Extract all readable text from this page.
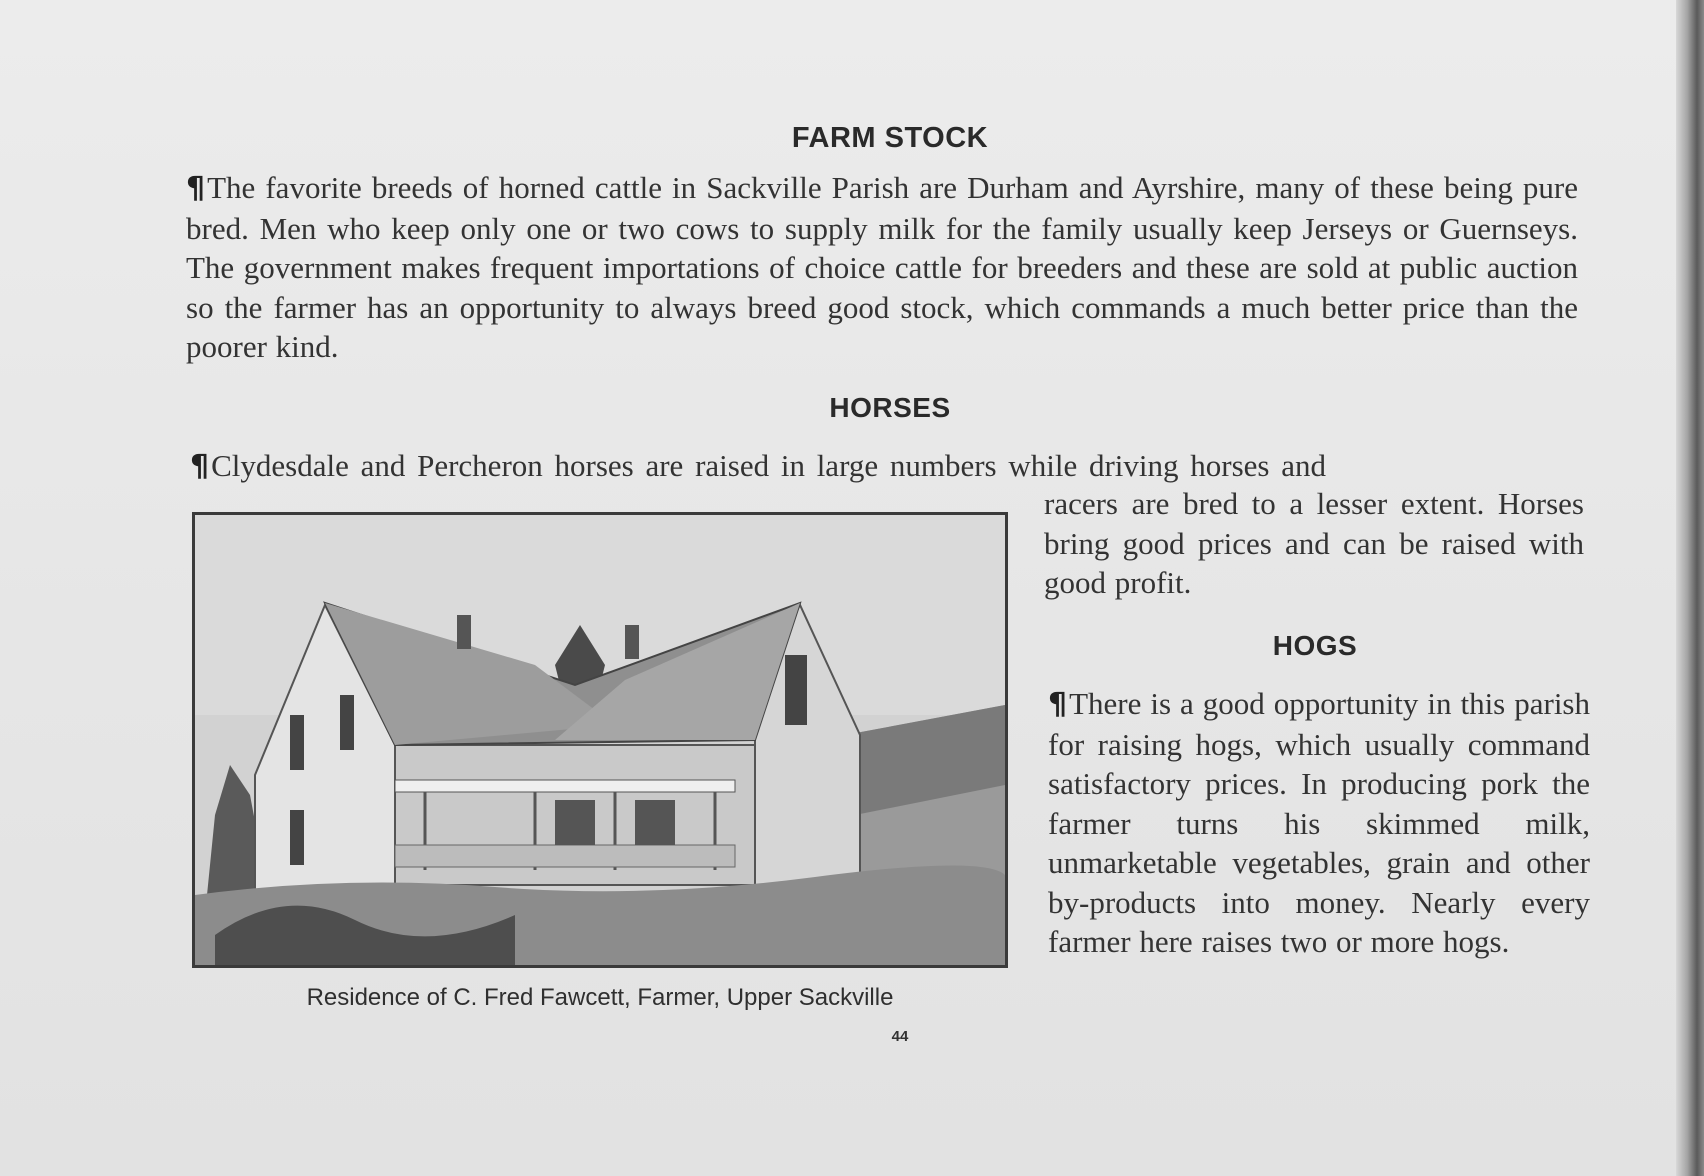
FARM STOCK
¶The favorite breeds of horned cattle in Sackville Parish are Durham and Ayrshire, many of these being pure bred. Men who keep only one or two cows to supply milk for the family usually keep Jerseys or Guernseys. The government makes frequent importations of choice cattle for breeders and these are sold at public auction so the farmer has an opportunity to always breed good stock, which commands a much better price than the poorer kind.
HORSES
¶Clydesdale and Percheron horses are raised in large numbers while driving horses and
racers are bred to a lesser extent. Horses bring good prices and can be raised with good profit.
HOGS
¶There is a good opportunity in this parish for raising hogs, which usually command satisfactory prices. In producing pork the farmer turns his skimmed milk, unmarketable vegetables, grain and other by-products into money. Nearly every farmer here raises two or more hogs.
Residence of C. Fred Fawcett, Farmer, Upper Sackville
44
